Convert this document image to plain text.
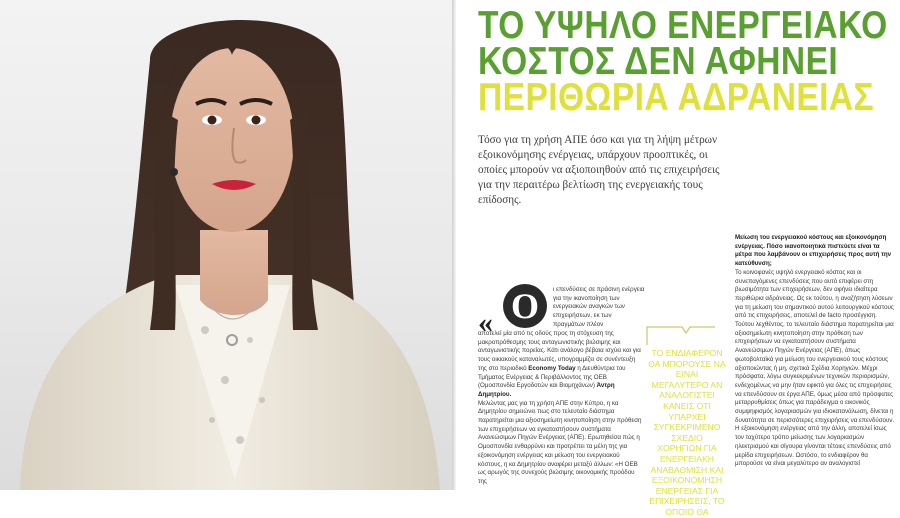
ΤΟ ΥΨΗΛΟ ΕΝΕΡΓΕΙΑΚΟ
ΚΟΣΤΟΣ ΔΕΝ ΑΦΗΝΕΙ
ΠΕΡΙΘΩΡΙΑ ΑΔΡΑΝΕΙΑΣ

Τόσο για τη χρήση ΑΠΕ όσο και για τη λήψη μέτρων εξοικονόμησης ενέργειας, υπάρχουν προοπτικές, οι οποίες μπορούν να αξιοποιηθούν από τις επιχειρήσεις για την περαιτέρω βελτίωση της ενεργειακής τους επίδοσης.

« Ο	ι επενδύσεις σε πράσινη ενέργεια για την ικανοποίηση των ενεργειακών αναγκών των επιχειρήσεων, εκ των πραγμάτων πλέον

αποτελεί μία από τις οδούς προς τη στόχευση της μακροπρόθεσμης τους ανταγωνιστικής βιώσιμης και ανταγωνιστικής πορείας. Κάτι ανάλογο βέβαια ισχύει και για τους οικιακούς καταναλωτές, υπογραμμίζει σε συνέντευξη της στο περιοδικό Economy Today η Διευθύντρια του Τμήματος Ενέργειας & Περιβάλλοντος της ΟΕΒ (Ομοσπονδία Εργοδοτών και Βιομηχάνων) Άντρη Δημητρίου.

Μελώντας μας για τη χρήση ΑΠΕ στην Κύπρο, η κα Δημητρίου σημειώνει πως στο τελευταίο διάστημα παρατηρείται μια αξιοσημείωτη κινητοποίηση στην πρόθεση των επιχειρήσεων να εγκαταστήσουν συστήματα Ανανεώσιμων Πηγών Ενέργειας (ΑΠΕ). Ερωτηθείσα πώς η Ομοσπονδία ενθαρρύνει και προτρέπει τα μέλη της για εξοικονόμηση ενέργειας και μείωση του ενεργειακού κόστους, η κα Δημητρίου αναφέρει μεταξύ άλλων: «Η ΟΕΒ ως αρωγός της συνεχούς βιώσιμης οικονομικής προόδου της

ΤΟ ΕΝΔΙΑΦΕΡΟΝ ΘΑ ΜΠΟΡΟΥΣΕ ΝΑ ΕΙΝΑΙ ΜΕΓΑΛΥΤΕΡΟ ΑΝ ΑΝΑΛΟΓΙΣΤΕΙ ΚΑΝΕΙΣ ΟΤΙ ΥΠΑΡΧΕΙ ΣΥΓΚΕΚΡΙΜΕΝΟ ΣΧΕΔΙΟ ΧΟΡΗΓΙΩΝ ΓΙΑ ΕΝΕΡΓΕΙΑΚΗ ΑΝΑΒΑΘΜΙΣΗ ΚΑΙ ΕΞΟΙΚΟΝΟΜΗΣΗ ΕΝΕΡΓΕΙΑΣ ΓΙΑ ΕΠΙΧΕΙΡΗΣΕΙΣ, ΤΟ ΟΠΟΙΟ ΘΑ

Μείωση του ενεργειακού κόστους και εξοικονόμηση ενέργειας. Πόσο ικανοποιητικά πιστεύετε είναι τα μέτρα που λαμβάνουν οι επιχειρήσεις προς αυτή την κατεύθυνση;

Το κοινοφανές υψηλό ενεργειακό κόστος και οι συνεπαγόμενες επενδύσεις που αυτό επιφέρει στη βιωσιμότητα των επιχειρήσεων, δεν αφήνει ιδιαίτερα περιθώρια αδράνειας. Ως εκ τούτου, η αναζήτηση λύσεων για τη μείωση του σημαντικού αυτού λειτουργικού κόστους από τις επιχειρήσεις, αποτελεί de facto προσέγγιση. Τούτου λεχθέντος, το τελευταίο διάστημα παρατηρείται μια αξιοσημείωτη κινητοποίηση στην πρόθεση των επιχειρήσεων να εγκαταστήσουν συστήματα Ανανεώσιμων Πηγών Ενέργειας (ΑΠΕ), όπως φωτοβολταϊκά για μείωση του ενεργειακού τους κόστους αξιοποιώντας ή μη, σχετικά Σχέδια Χορηγιών. Μέχρι πρόσφατα, λόγω συγκεκριμένων τεχνικών περιορισμών, ενδεχομένως να μην ήταν εφικτό για όλες τις επιχειρήσεις να επενδύσουν σε έργα ΑΠΕ, όμως μέσα από πρόσφατες μεταρρυθμίσεις όπως για παράδειγμα ο εικονικός συμψηφισμός λογαριασμών για ιδιοκατανάλωση, δίνεται η δυνατότητα σε περισσότερες επιχειρήσεις να επενδύσουν. Η εξοικονόμηση ενέργειας από την άλλη, αποτελεί ίσως τον ταχύτερο τρόπο μείωσης των λογαριασμών ηλεκτρισμού και σίγουρα γίνονται τέτοιες επενδύσεις από μερίδα επιχειρήσεων. Ωστόσο, το ενδιαφέρον θα μπορούσε να είναι μεγαλύτερο αν αναλογιστεί
